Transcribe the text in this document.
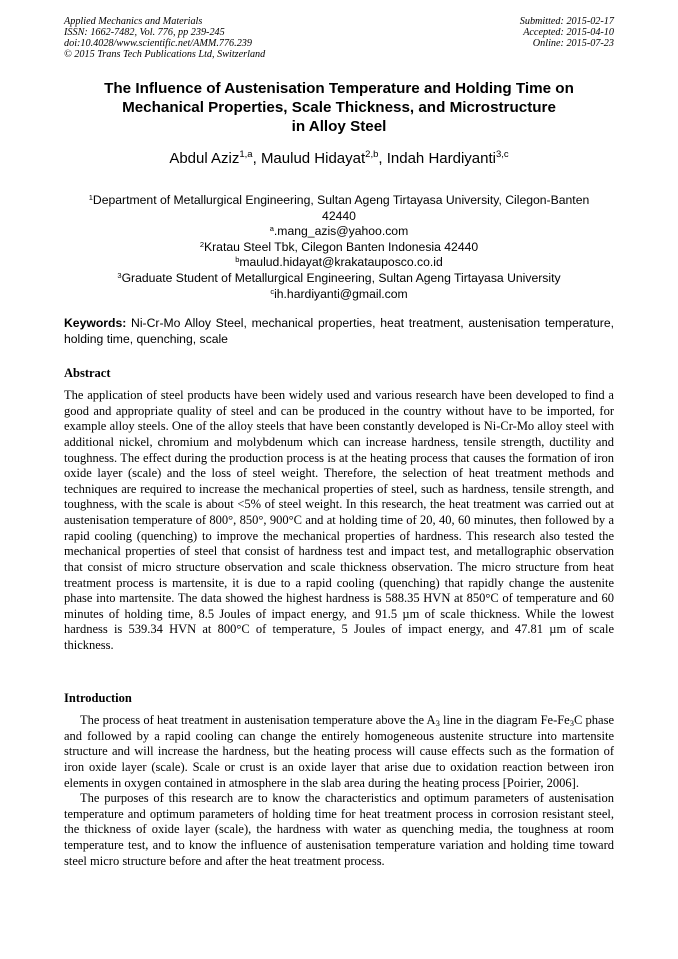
Applied Mechanics and Materials
ISSN: 1662-7482, Vol. 776, pp 239-245
doi:10.4028/www.scientific.net/AMM.776.239
© 2015 Trans Tech Publications Ltd, Switzerland
Submitted: 2015-02-17
Accepted: 2015-04-10
Online: 2015-07-23
The Influence of Austenisation Temperature and Holding Time on
Mechanical Properties, Scale Thickness, and Microstructure
in Alloy Steel
Abdul Aziz$^{1,a}$, Maulud Hidayat$^{2,b}$, Indah Hardiyanti$^{3,c}$
$^1$Department of Metallurgical Engineering, Sultan Ageng Tirtayasa University, Cilegon-Banten
42440
$^a$.mang_azis@yahoo.com
$^2$Kratau Steel Tbk, Cilegon Banten Indonesia 42440
$^b$maulud.hidayat@krakatauposco.co.id
$^3$Graduate Student of Metallurgical Engineering, Sultan Ageng Tirtayasa University
$^c$ih.hardiyanti@gmail.com
Keywords: Ni-Cr-Mo Alloy Steel, mechanical properties, heat treatment, austenisation temperature, holding time, quenching, scale
Abstract

The application of steel products have been widely used and various research have been developed to find a good and appropriate quality of steel and can be produced in the country without have to be imported, for example alloy steels. One of the alloy steels that have been constantly developed is Ni-Cr-Mo alloy steel with additional nickel, chromium and molybdenum which can increase hardness, tensile strength, ductility and toughness. The effect during the production process is at the heating process that causes the formation of iron oxide layer (scale) and the loss of steel weight. Therefore, the selection of heat treatment methods and techniques are required to increase the mechanical properties of steel, such as hardness, tensile strength, and toughness, with the scale is about <5% of steel weight. In this research, the heat treatment was carried out at austenisation temperature of 800°, 850°, 900°C and at holding time of 20, 40, 60 minutes, then followed by a rapid cooling (quenching) to improve the mechanical properties of hardness. This research also tested the mechanical properties of steel that consist of hardness test and impact test, and metallographic observation that consist of micro structure observation and scale thickness observation. The micro structure from heat treatment process is martensite, it is due to a rapid cooling (quenching) that rapidly change the austenite phase into martensite. The data showed the highest hardness is 588.35 HVN at 850°C of temperature and 60 minutes of holding time, 8.5 Joules of impact energy, and 91.5 µm of scale thickness. While the lowest hardness is 539.34 HVN at 800°C of temperature, 5 Joules of impact energy, and 47.81 µm of scale thickness.

Introduction

The process of heat treatment in austenisation temperature above the $A_3$ line in the diagram $Fe-Fe_3C$ phase and followed by a rapid cooling can change the entirely homogeneous austenite structure into martensite structure and will increase the hardness, but the heating process will cause effects such as the formation of iron oxide layer (scale). Scale or crust is an oxide layer that arise due to oxidation reaction between iron elements in oxygen contained in atmosphere in the slab area during the heating process [Poirier, 2006].

The purposes of this research are to know the characteristics and optimum parameters of austenisation temperature and optimum parameters of holding time for heat treatment process in corrosion resistant steel, the thickness of oxide layer (scale), the hardness with water as quenching media, the toughness at room temperature test, and to know the influence of austenisation temperature variation and holding time toward steel micro structure before and after the heat treatment process.
